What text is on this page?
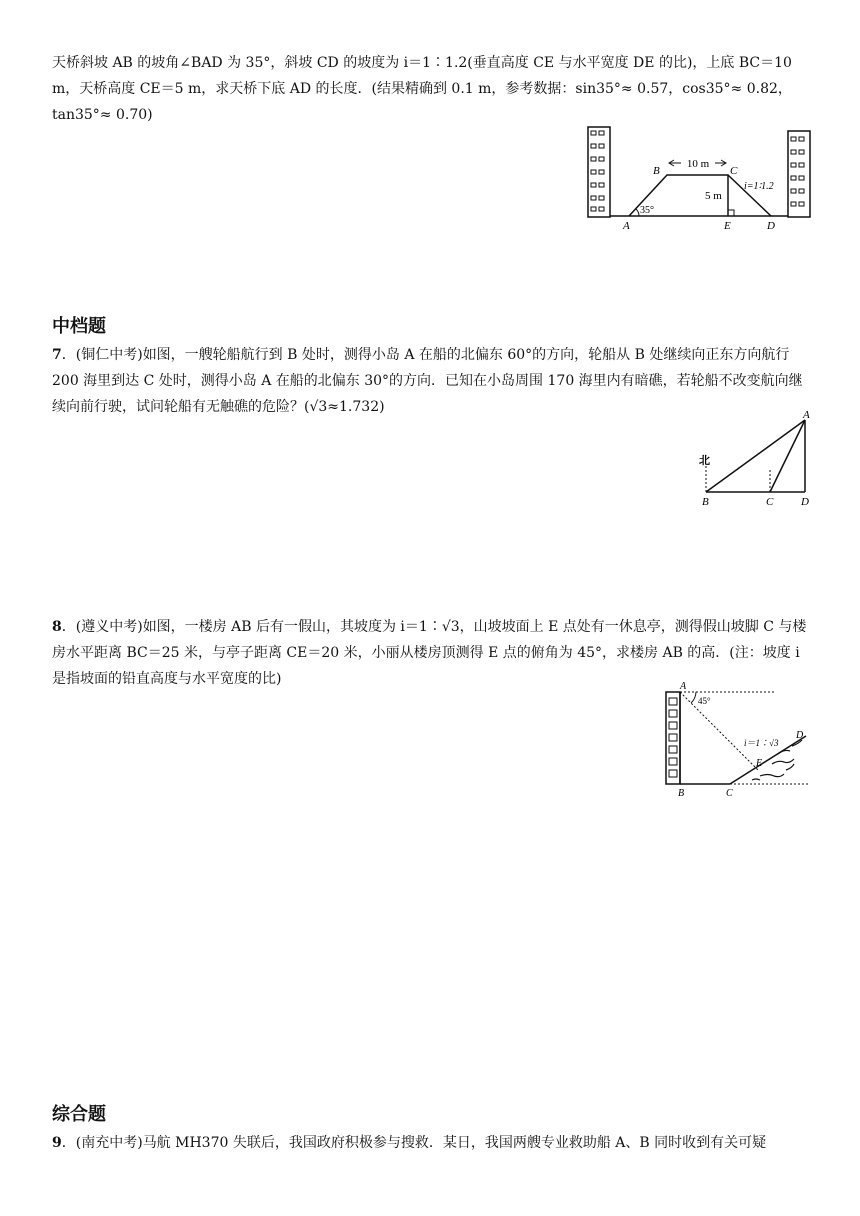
天桥斜坡 AB 的坡角∠BAD 为 35°，斜坡 CD 的坡度为 i＝1∶1.2(垂直高度 CE 与水平宽度 DE 的比)，上底 BC＝10 m，天桥高度 CE＝5 m，求天桥下底 AD 的长度．(结果精确到 0.1 m，参考数据：sin35°≈ 0.57，cos35°≈ 0.82，tan35°≈ 0.70)

10 m
35°
5 m
i=1∶1.2
B	C
A	E	D
中档题

7．(铜仁中考)如图，一艘轮船航行到 B 处时，测得小岛 A 在船的北偏东 60°的方向，轮船从 B 处继续向正东方向航行 200 海里到达 C 处时，测得小岛 A 在船的北偏东 30°的方向．已知在小岛周围 170 海里内有暗礁，若轮船不改变航向继续向前行驶，试问轮船有无触礁的危险？(√3≈1.732)

北
A
B	C	D

8．(遵义中考)如图，一楼房 AB 后有一假山，其坡度为 i＝1∶√3，山坡坡面上 E 点处有一休息亭，测得假山坡脚 C 与楼房水平距离 BC＝25 米，与亭子距离 CE＝20 米，小丽从楼房顶测得 E 点的俯角为 45°，求楼房 AB 的高．(注：坡度 i 是指坡面的铅直高度与水平宽度的比)	A
45°
i＝1∶√3
D
E
B	C
综合题

9．(南充中考)马航 MH370 失联后，我国政府积极参与搜救．某日，我国两艘专业救助船 A、B 同时收到有关可疑
